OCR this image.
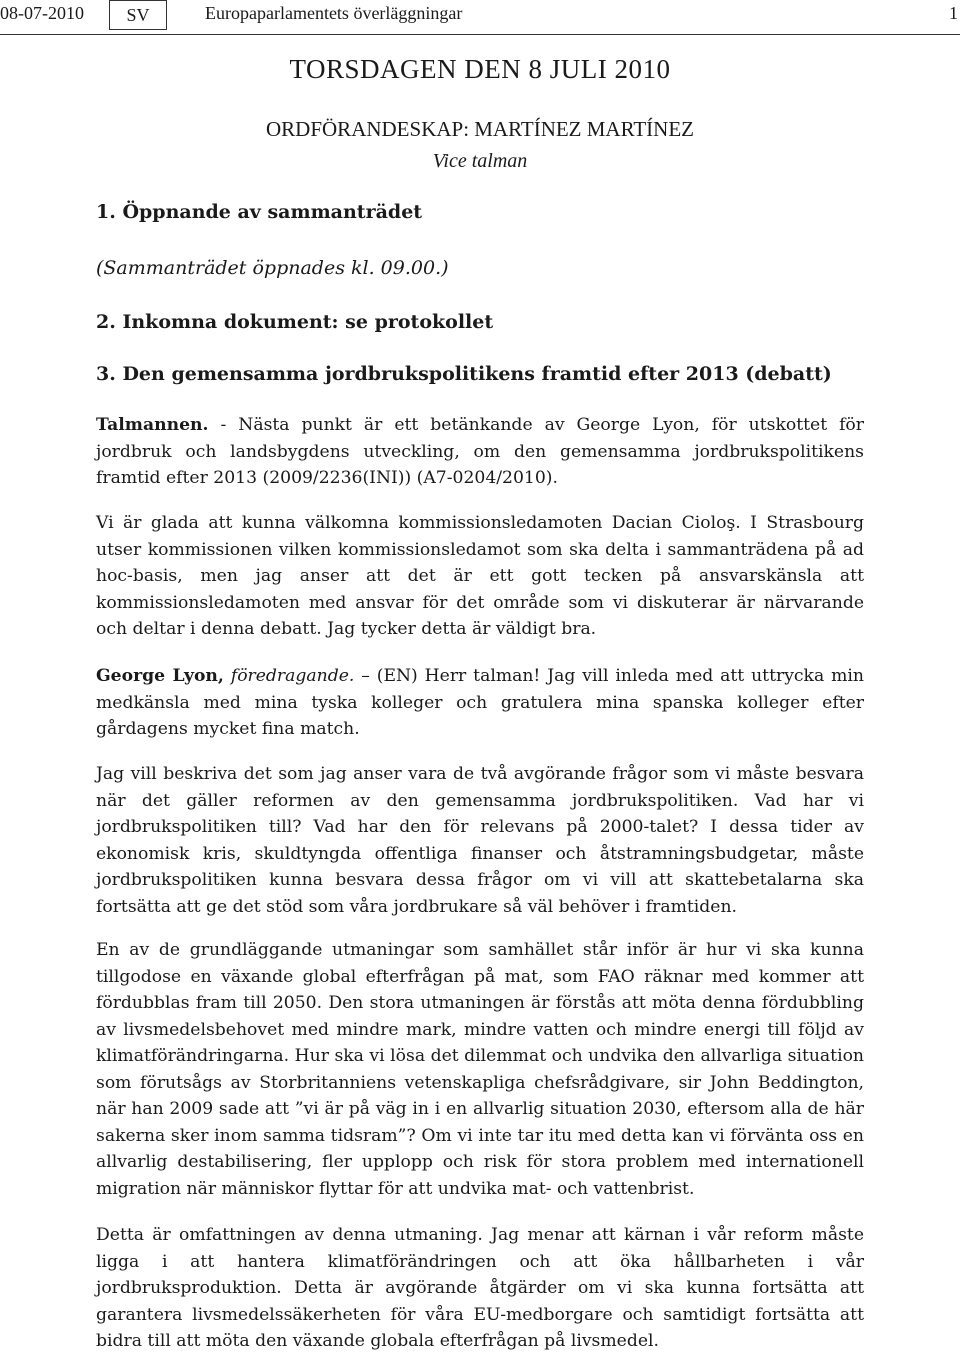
08-07-2010	SV	Europaparlamentets överläggningar	1
TORSDAGEN DEN 8 JULI 2010
ORDFÖRANDESKAP: MARTÍNEZ MARTÍNEZ
Vice talman
1. Öppnande av sammanträdet
(Sammanträdet öppnades kl. 09.00.)
2. Inkomna dokument: se protokollet
3. Den gemensamma jordbrukspolitikens framtid efter 2013 (debatt)
Talmannen. - Nästa punkt är ett betänkande av George Lyon, för utskottet för jordbruk och landsbygdens utveckling, om den gemensamma jordbrukspolitikens framtid efter 2013 (2009/2236(INI)) (A7-0204/2010).
Vi är glada att kunna välkomna kommissionsledamoten Dacian Cioloş. I Strasbourg utser kommissionen vilken kommissionsledamot som ska delta i sammanträdena på ad hoc-basis, men jag anser att det är ett gott tecken på ansvarskänsla att kommissionsledamoten med ansvar för det område som vi diskuterar är närvarande och deltar i denna debatt. Jag tycker detta är väldigt bra.
George Lyon, föredragande. – (EN) Herr talman! Jag vill inleda med att uttrycka min medkänsla med mina tyska kolleger och gratulera mina spanska kolleger efter gårdagens mycket fina match.
Jag vill beskriva det som jag anser vara de två avgörande frågor som vi måste besvara när det gäller reformen av den gemensamma jordbrukspolitiken. Vad har vi jordbrukspolitiken till? Vad har den för relevans på 2000-talet? I dessa tider av ekonomisk kris, skuldtyngda offentliga finanser och åtstramningsbudgetar, måste jordbrukspolitiken kunna besvara dessa frågor om vi vill att skattebetalarna ska fortsätta att ge det stöd som våra jordbrukare så väl behöver i framtiden.
En av de grundläggande utmaningar som samhället står inför är hur vi ska kunna tillgodose en växande global efterfrågan på mat, som FAO räknar med kommer att fördubblas fram till 2050. Den stora utmaningen är förstås att möta denna fördubbling av livsmedelsbehovet med mindre mark, mindre vatten och mindre energi till följd av klimatförändringarna. Hur ska vi lösa det dilemmat och undvika den allvarliga situation som förutsågs av Storbritanniens vetenskapliga chefsrådgivare, sir John Beddington, när han 2009 sade att ”vi är på väg in i en allvarlig situation 2030, eftersom alla de här sakerna sker inom samma tidsram”? Om vi inte tar itu med detta kan vi förvänta oss en allvarlig destabilisering, fler upplopp och risk för stora problem med internationell migration när människor flyttar för att undvika mat- och vattenbrist.
Detta är omfattningen av denna utmaning. Jag menar att kärnan i vår reform måste ligga i att hantera klimatförändringen och att öka hållbarheten i vår jordbruksproduktion. Detta är avgörande åtgärder om vi ska kunna fortsätta att garantera livsmedelssäkerheten för våra EU-medborgare och samtidigt fortsätta att bidra till att möta den växande globala efterfrågan på livsmedel.
